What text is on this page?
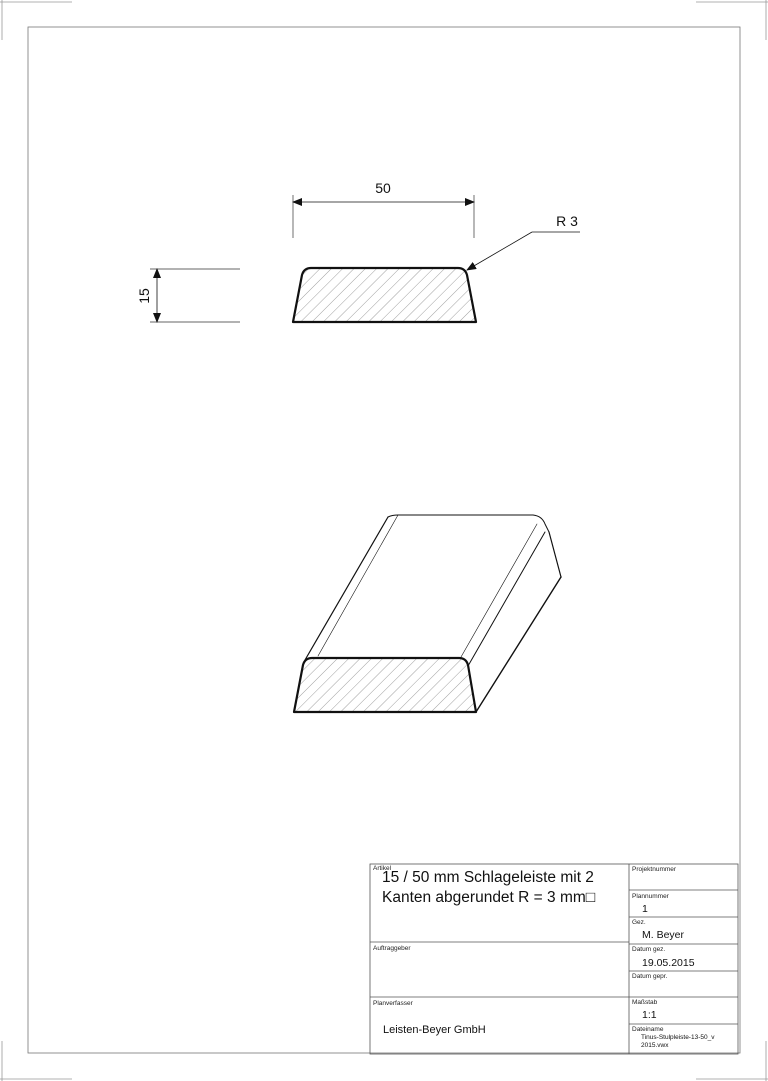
50
15
R 3
Artikel
15 / 50 mm Schlageleiste mit 2 Kanten abgerundet R = 3 mm□
Auftraggeber
Planverfasser
Leisten-Beyer GmbH
Projektnummer
Plannummer
1
Gez.
M. Beyer
Datum gez.
19.05.2015
Datum gepr.
Maßstab
1:1
Dateiname
Tinus-Stulpleiste-13-50_v 2015.vwx
